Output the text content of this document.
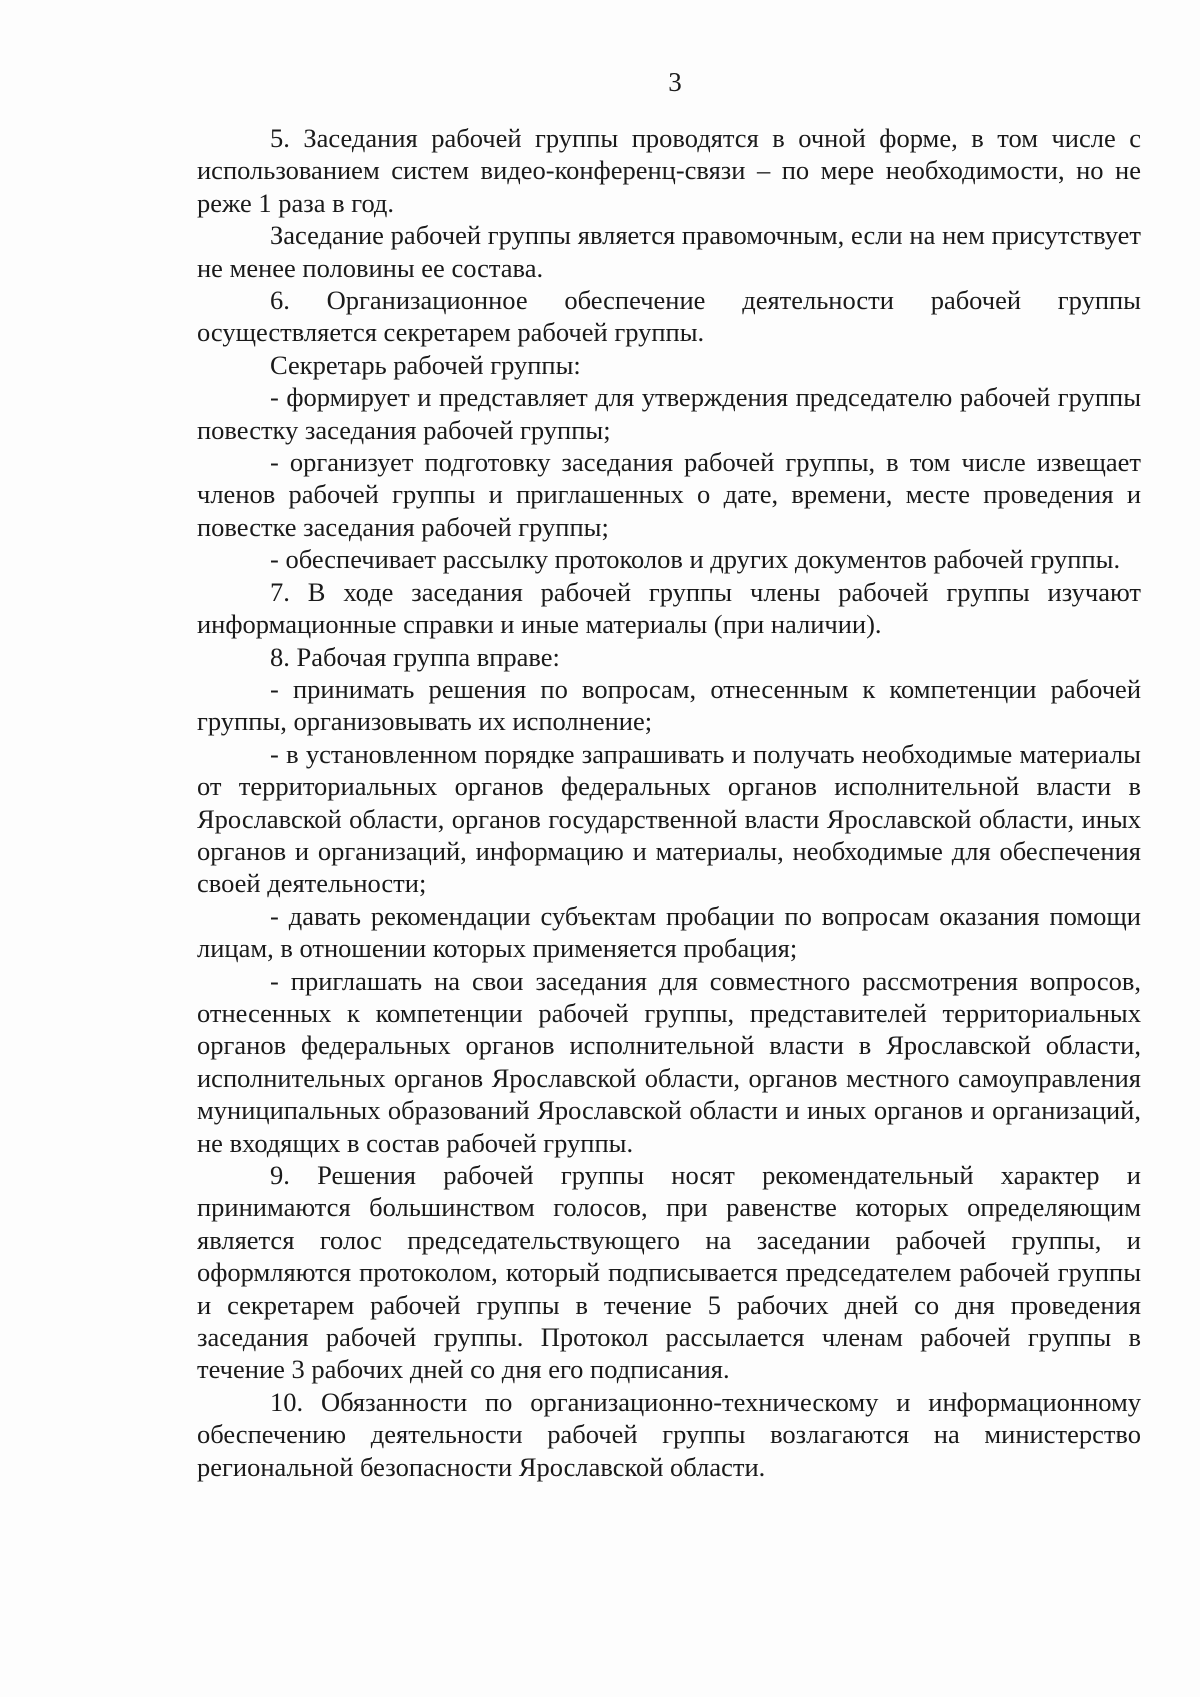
3

5. Заседания рабочей группы проводятся в очной форме, в том числе с использованием систем видео-конференц-связи – по мере необходимости, но не реже 1 раза в год.

Заседание рабочей группы является правомочным, если на нем присутствует не менее половины ее состава.

6. Организационное обеспечение деятельности рабочей группы осуществляется секретарем рабочей группы.

Секретарь рабочей группы:

- формирует и представляет для утверждения председателю рабочей группы повестку заседания рабочей группы;

- организует подготовку заседания рабочей группы, в том числе извещает членов рабочей группы и приглашенных о дате, времени, месте проведения и повестке заседания рабочей группы;

- обеспечивает рассылку протоколов и других документов рабочей группы.

7. В ходе заседания рабочей группы члены рабочей группы изучают информационные справки и иные материалы (при наличии).

8. Рабочая группа вправе:

- принимать решения по вопросам, отнесенным к компетенции рабочей группы, организовывать их исполнение;

- в установленном порядке запрашивать и получать необходимые материалы от территориальных органов федеральных органов исполнительной власти в Ярославской области, органов государственной власти Ярославской области, иных органов и организаций, информацию и материалы, необходимые для обеспечения своей деятельности;

- давать рекомендации субъектам пробации по вопросам оказания помощи лицам, в отношении которых применяется пробация;

- приглашать на свои заседания для совместного рассмотрения вопросов, отнесенных к компетенции рабочей группы, представителей территориальных органов федеральных органов исполнительной власти в Ярославской области, исполнительных органов Ярославской области, органов местного самоуправления муниципальных образований Ярославской области и иных органов и организаций, не входящих в состав рабочей группы.

9. Решения рабочей группы носят рекомендательный характер и принимаются большинством голосов, при равенстве которых определяющим является голос председательствующего на заседании рабочей группы, и оформляются протоколом, который подписывается председателем рабочей группы и секретарем рабочей группы в течение 5 рабочих дней со дня проведения заседания рабочей группы. Протокол рассылается членам рабочей группы в течение 3 рабочих дней со дня его подписания.

10. Обязанности по организационно-техническому и информационному обеспечению деятельности рабочей группы возлагаются на министерство региональной безопасности Ярославской области.
